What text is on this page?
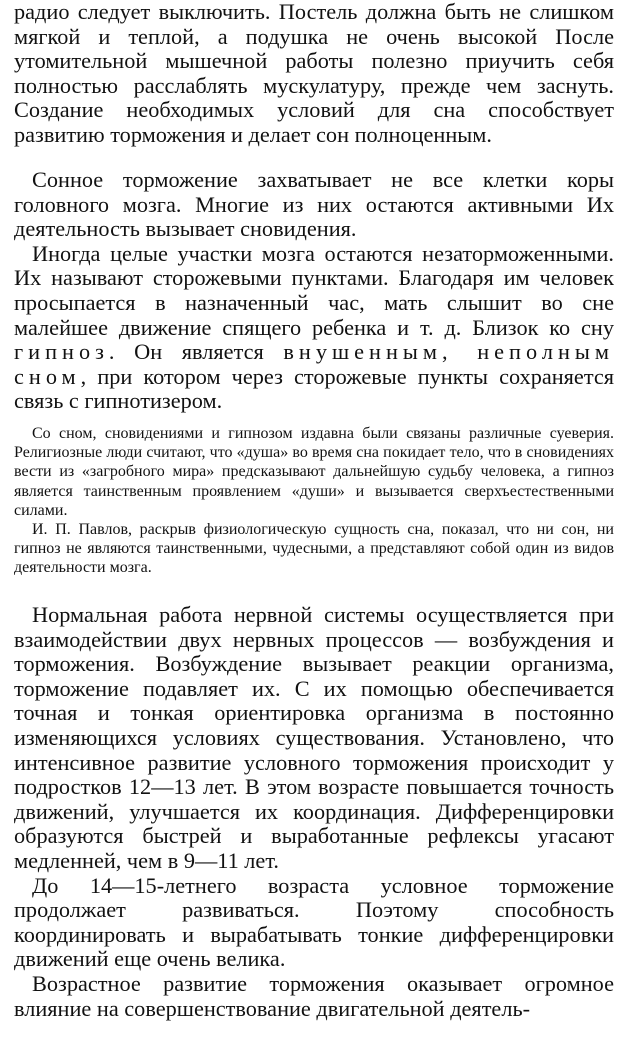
радио следует выключить. Постель должна быть не слишком мягкой и теплой, а подушка не очень высокой После утомительной мышечной работы полезно приучить себя полностью расслаблять мускулатуру, прежде чем заснуть. Создание необходимых условий для сна способствует развитию торможения и делает сон полноценным.

Сонное торможение захватывает не все клетки коры головного мозга. Многие из них остаются активными Их деятельность вызывает сновидения.

Иногда целые участки мозга остаются незаторможенными. Их называют сторожевыми пунктами. Благодаря им человек просыпается в назначенный час, мать слышит во сне малейшее движение спящего ребенка и т. д. Близок ко сну гипноз. Он является внушенным, неполным сном, при котором через сторожевые пункты сохраняется связь с гипнотизером.

Со сном, сновидениями и гипнозом издавна были связаны различные суеверия. Религиозные люди считают, что «душа» во время сна покидает тело, что в сновидениях вести из «загробного мира» предсказывают дальнейшую судьбу человека, а гипноз является таинственным проявлением «души» и вызывается сверхъестественными силами.

И. П. Павлов, раскрыв физиологическую сущность сна, показал, что ни сон, ни гипноз не являются таинственными, чудесными, а представляют собой один из видов деятельности мозга.

Нормальная работа нервной системы осуществляется при взаимодействии двух нервных процессов — возбуждения и торможения. Возбуждение вызывает реакции организма, торможение подавляет их. С их помощью обеспечивается точная и тонкая ориентировка организма в постоянно изменяющихся условиях существования. Установлено, что интенсивное развитие условного торможения происходит у подростков 12—13 лет. В этом возрасте повышается точность движений, улучшается их координация. Дифференцировки образуются быстрей и выработанные рефлексы угасают медленней, чем в 9—11 лет.

До 14—15-летнего возраста условное торможение продолжает развиваться. Поэтому способность координировать и вырабатывать тонкие дифференцировки движений еще очень велика.

Возрастное развитие торможения оказывает огромное влияние на совершенствование двигательной деятель-
